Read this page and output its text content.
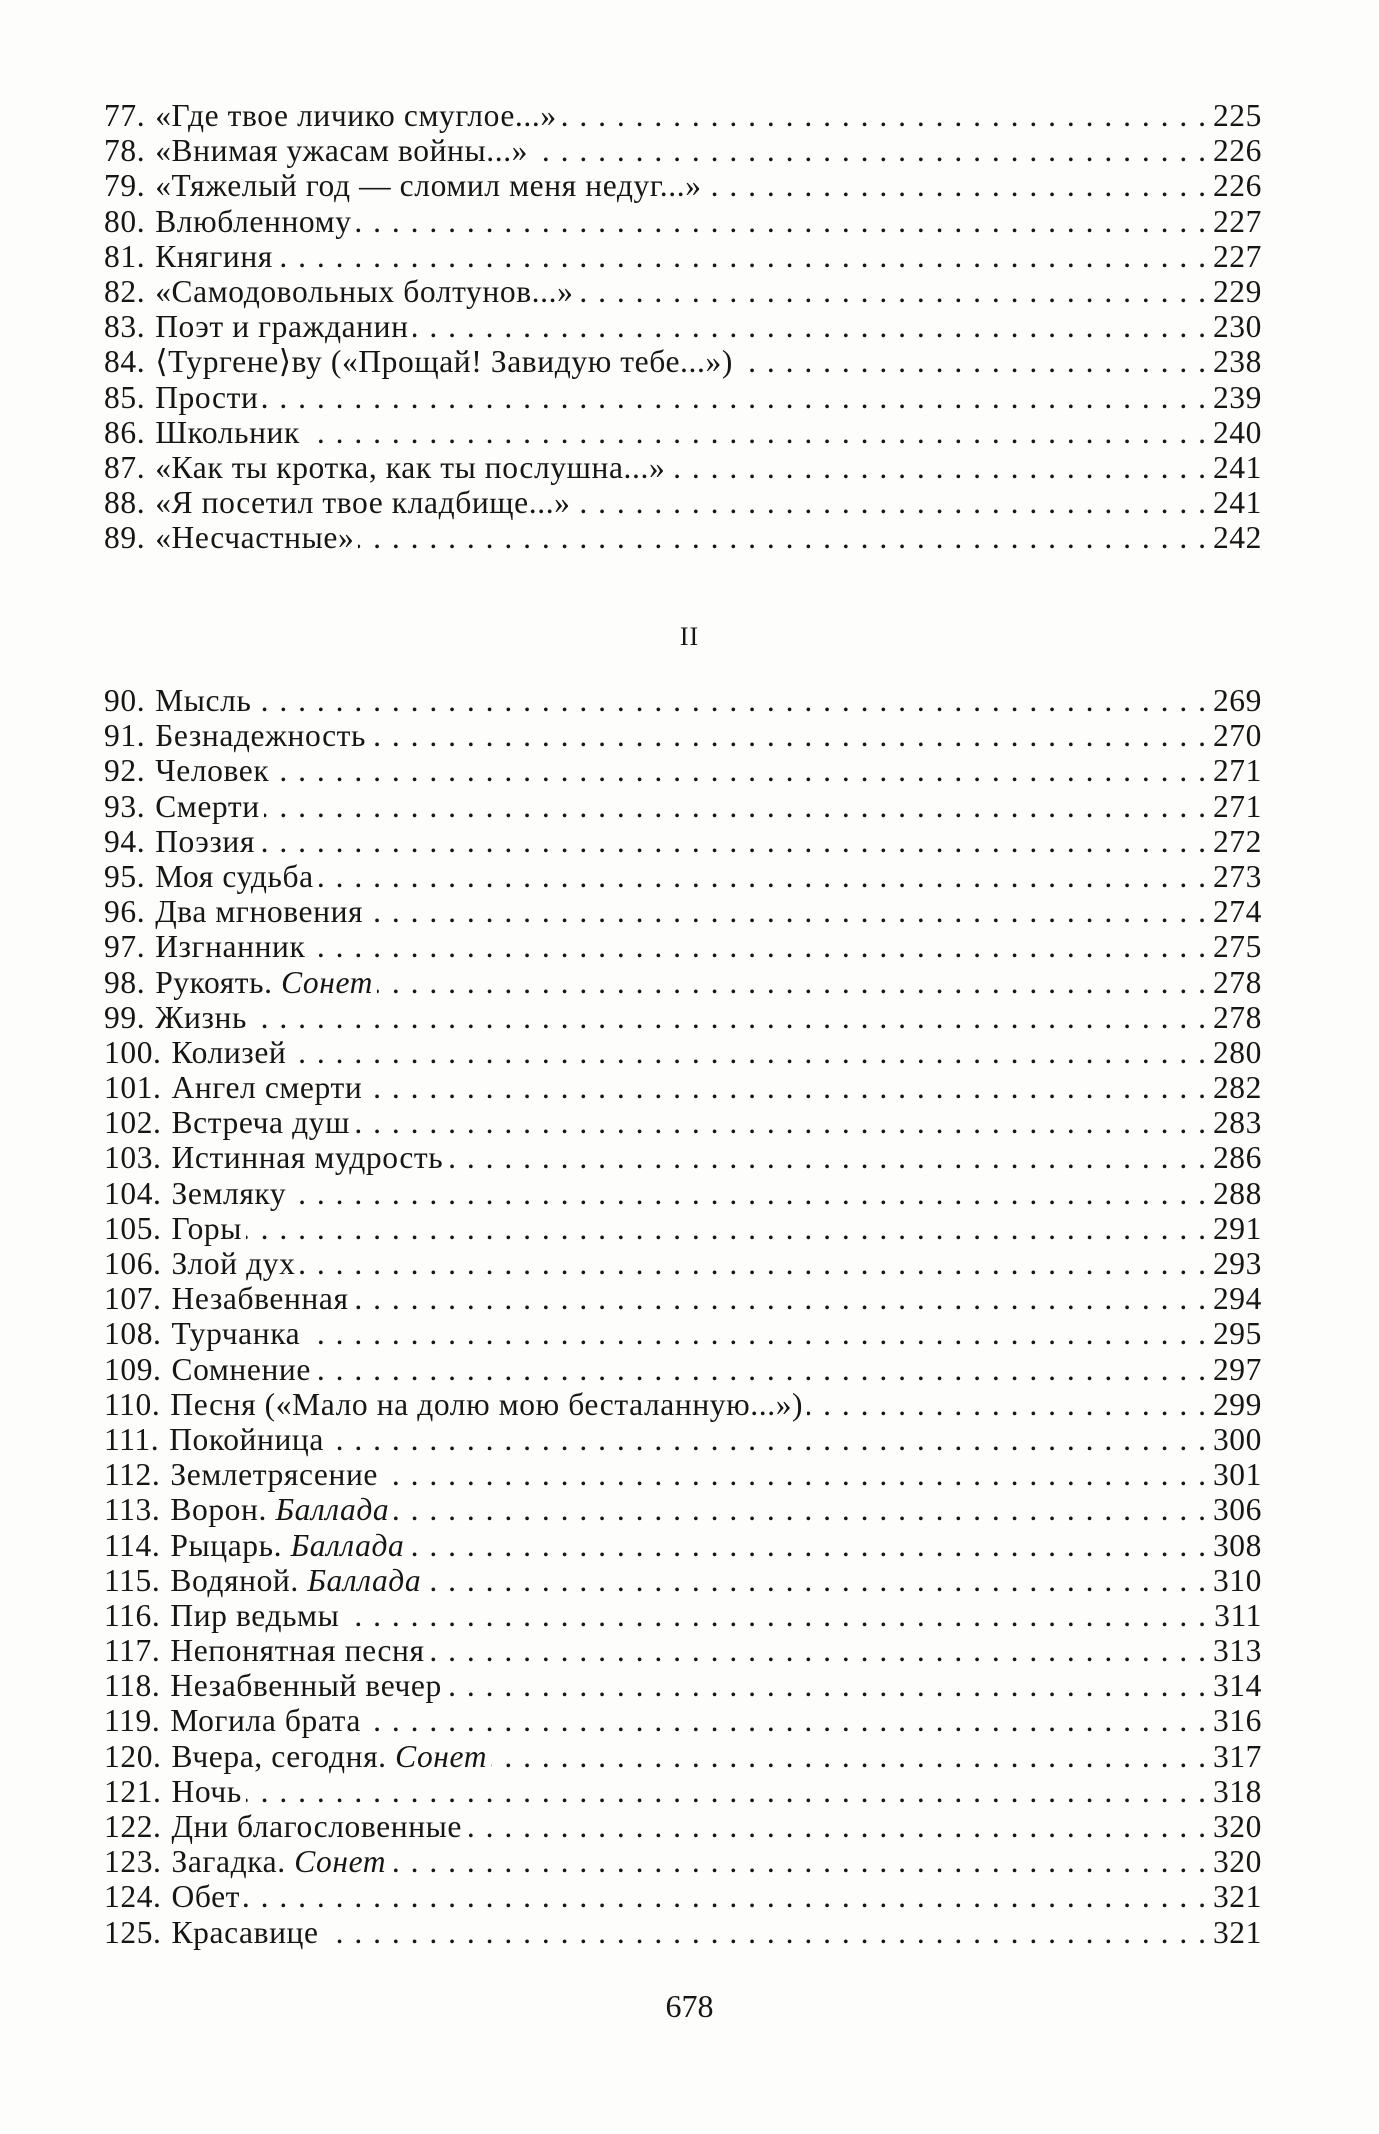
77. «Где твое личико смуглое...» . . .	225
78. «Внимая ужасам войны...» . . .	226
79. «Тяжелый год — сломил меня недуг...» . . .	226
80. Влюбленному . . .	227
81. Княгиня . . .	227
82. «Самодовольных болтунов...» . . .	229
83. Поэт и гражданин . . .	230
84. ⟨Тургене⟩ву («Прощай! Завидую тебе...») . . .	238
85. Прости . . .	239
86. Школьник . . .	240
87. «Как ты кротка, как ты послушна...» . . .	241
88. «Я посетил твое кладбище...» . . .	241
89. «Несчастные» . . .	242
II
90. Мысль . . .	269
91. Безнадежность . . .	270
92. Человек . . .	271
93. Смерти . . .	271
94. Поэзия . . .	272
95. Моя судьба . . .	273
96. Два мгновения . . .	274
97. Изгнанник . . .	275
98. Рукоять. Сонет . . .	278
99. Жизнь . . .	278
100. Колизей . . .	280
101. Ангел смерти . . .	282
102. Встреча душ . . .	283
103. Истинная мудрость . . .	286
104. Земляку . . .	288
105. Горы . . .	291
106. Злой дух . . .	293
107. Незабвенная . . .	294
108. Турчанка . . .	295
109. Сомнение . . .	297
110. Песня («Мало на долю мою бесталанную...») . . .	299
111. Покойница . . .	300
112. Землетрясение . . .	301
113. Ворон. Баллада . . .	306
114. Рыцарь. Баллада . . .	308
115. Водяной. Баллада . . .	310
116. Пир ведьмы . . .	311
117. Непонятная песня . . .	313
118. Незабвенный вечер . . .	314
119. Могила брата . . .	316
120. Вчера, сегодня. Сонет . . .	317
121. Ночь . . .	318
122. Дни благословенные . . .	320
123. Загадка. Сонет . . .	320
124. Обет . . .	321
125. Красавице . . .	321
678
